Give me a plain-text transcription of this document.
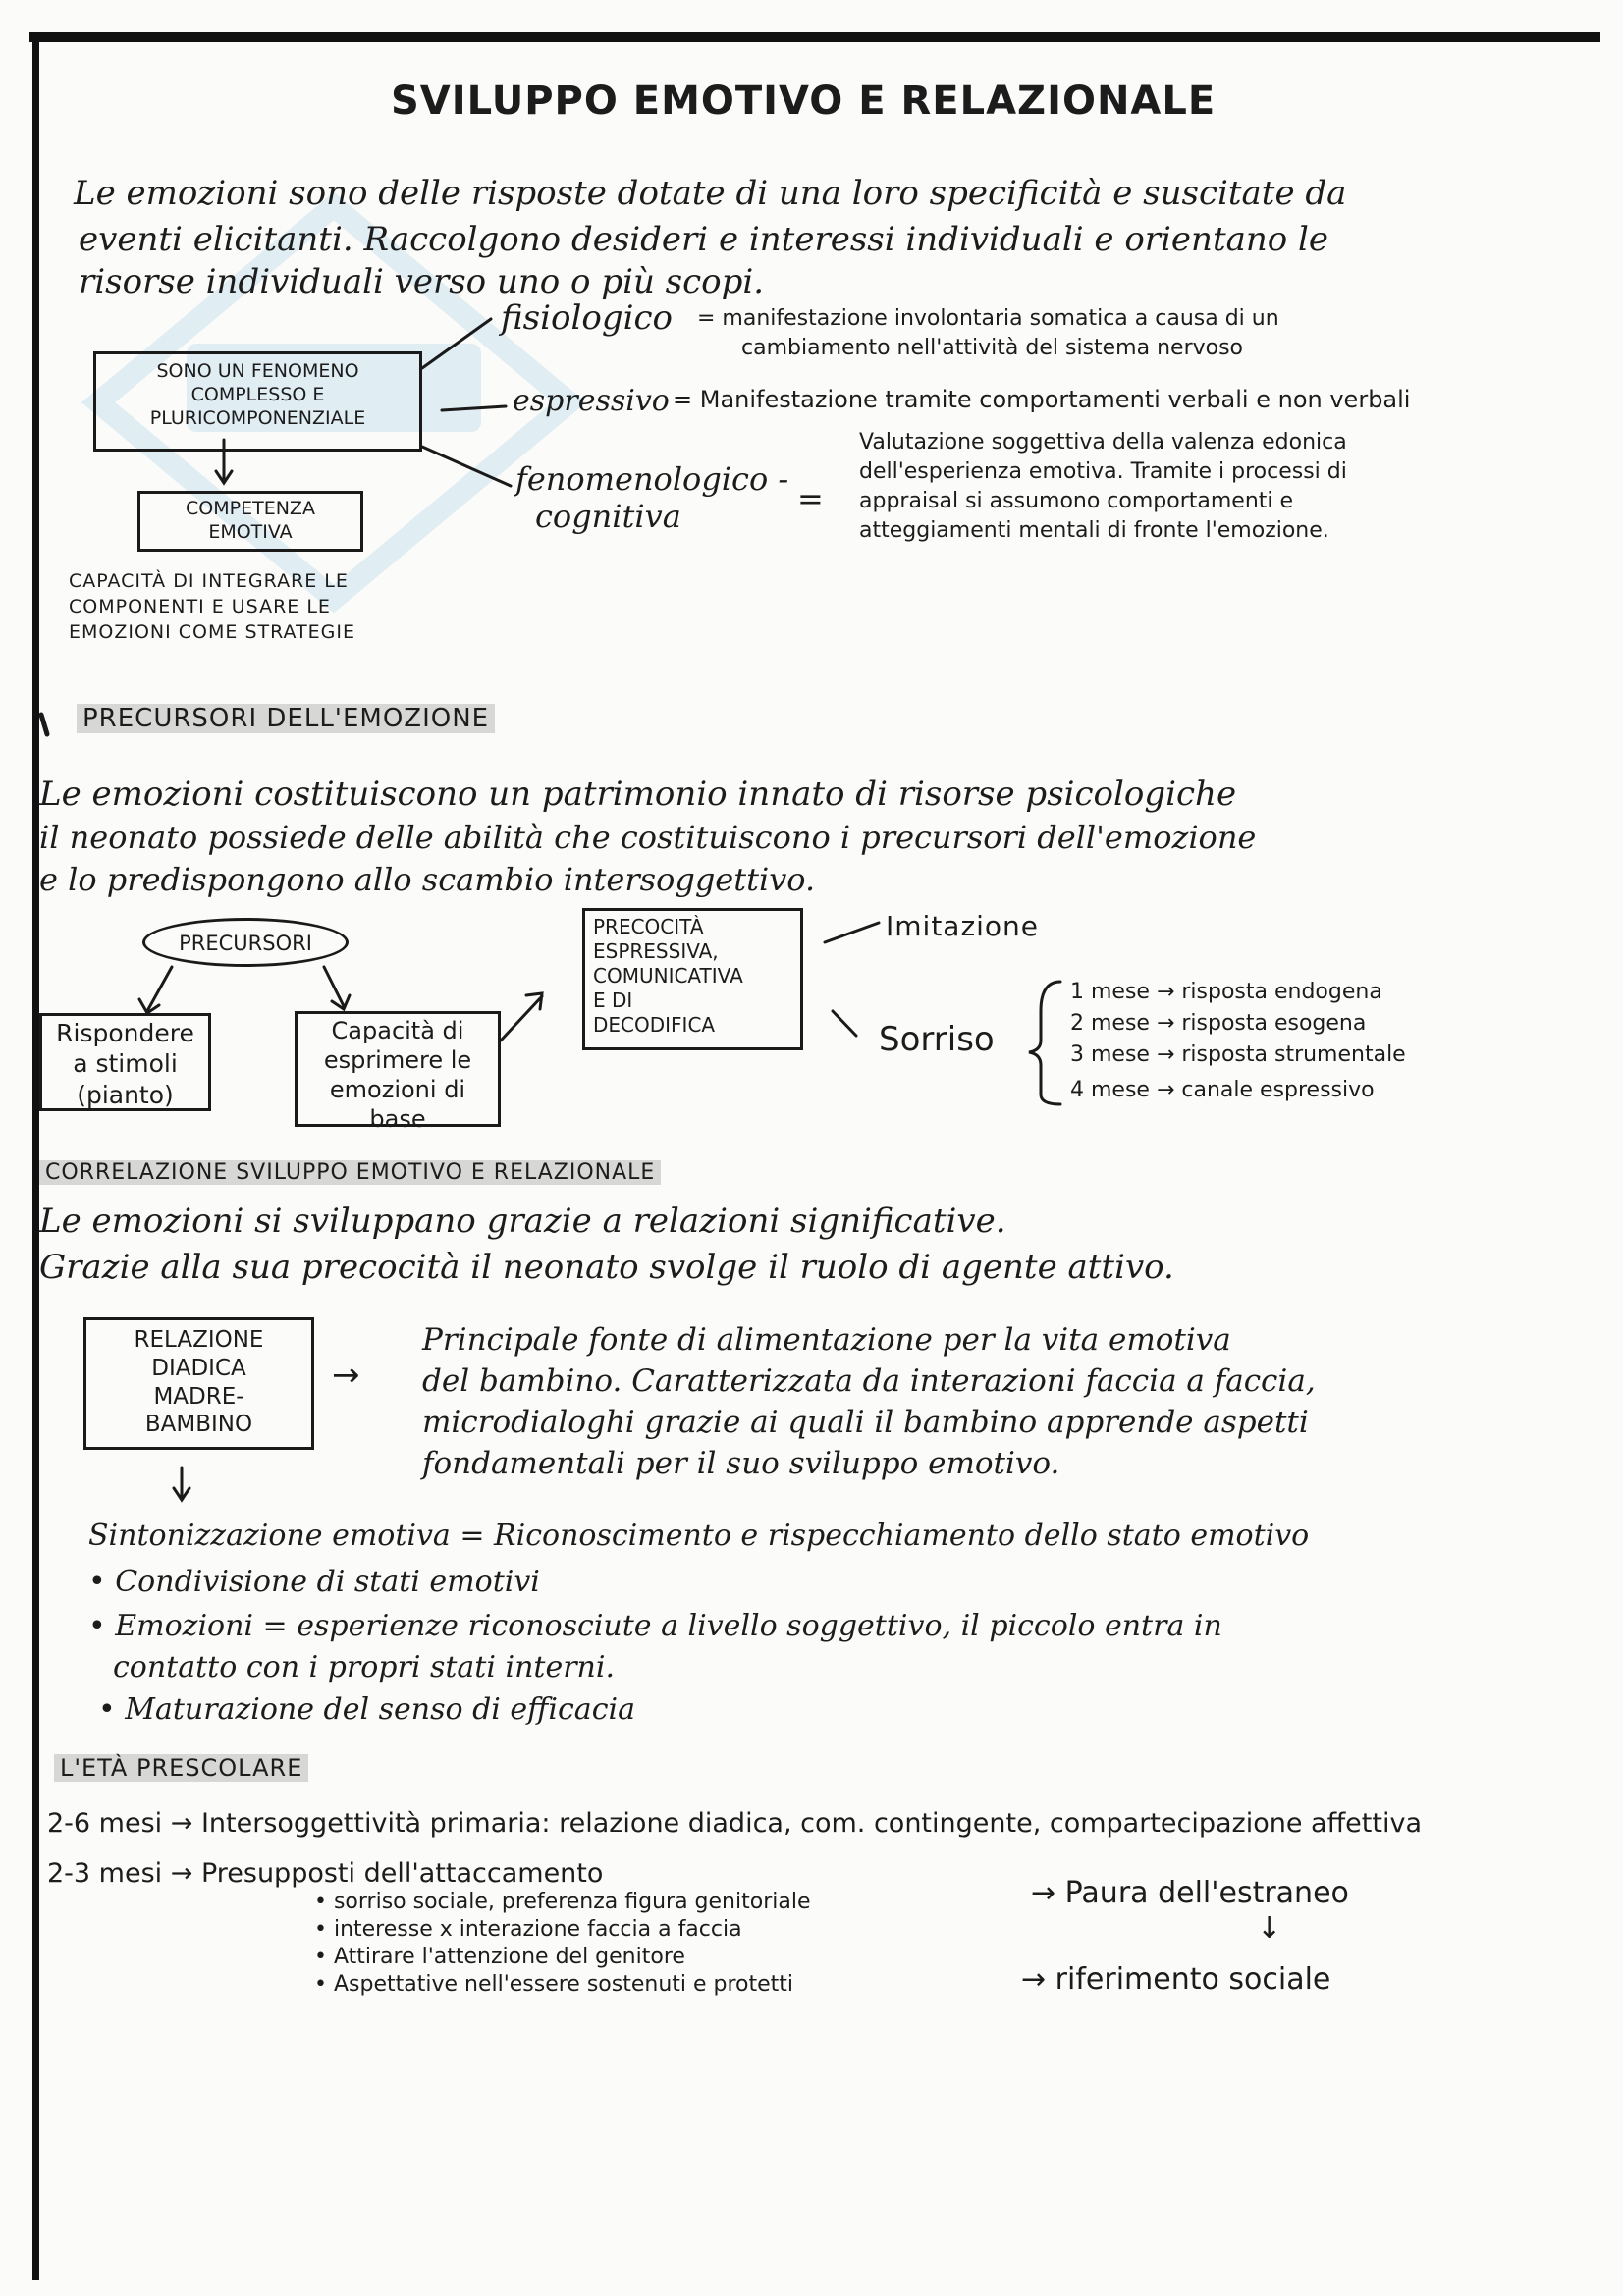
SVILUPPO EMOTIVO E RELAZIONALE
Le emozioni sono delle risposte dotate di una loro specificità e suscitate da
eventi elicitanti. Raccolgono desideri e interessi individuali e orientano le
risorse individuali verso uno o più scopi.
SONO UN FENOMENO
COMPLESSO E
PLURICOMPONENZIALE
COMPETENZA
EMOTIVA
CAPACITÀ DI INTEGRARE LE
COMPONENTI E USARE LE
EMOZIONI COME STRATEGIE
fisiologico = manifestazione involontaria somatica a causa di un
cambiamento nell'attività del sistema nervoso
espressivo = Manifestazione tramite comportamenti verbali e non verbali
fenomenologico -
cognitiva	=
Valutazione soggettiva della valenza edonica
dell'esperienza emotiva. Tramite i processi di
appraisal si assumono comportamenti e
atteggiamenti mentali di fronte l'emozione.
PRECURSORI DELL'EMOZIONE
Le emozioni costituiscono un patrimonio innato di risorse psicologiche
il neonato possiede delle abilità che costituiscono i precursori dell'emozione
e lo predispongono allo scambio intersoggettivo.
PRECURSORI
Rispondere
a stimoli
(pianto)
Capacità di
esprimere le
emozioni di
base
PRECOCITÀ
ESPRESSIVA,
COMUNICATIVA
E DI
DECODIFICA
Imitazione
Sorriso
1 mese → risposta endogena
2 mese → risposta esogena
3 mese → risposta strumentale
4 mese → canale espressivo
CORRELAZIONE SVILUPPO EMOTIVO E RELAZIONALE
Le emozioni si sviluppano grazie a relazioni significative.
Grazie alla sua precocità il neonato svolge il ruolo di agente attivo.
RELAZIONE
DIADICA
MADRE-
BAMBINO
→
Principale fonte di alimentazione per la vita emotiva
del bambino. Caratterizzata da interazioni faccia a faccia,
microdialoghi grazie ai quali il bambino apprende aspetti
fondamentali per il suo sviluppo emotivo.
Sintonizzazione emotiva = Riconoscimento e rispecchiamento dello stato emotivo
• Condivisione di stati emotivi
• Emozioni = esperienze riconosciute a livello soggettivo, il piccolo entra in
contatto con i propri stati interni.
• Maturazione del senso di efficacia
L'ETÀ PRESCOLARE
2-6 mesi → Intersoggettività primaria: relazione diadica, com. contingente, compartecipazione affettiva
2-3 mesi → Presupposti dell'attaccamento
• sorriso sociale, preferenza figura genitoriale
• interesse x interazione faccia a faccia
• Attirare l'attenzione del genitore
• Aspettative nell'essere sostenuti e protetti
→ Paura dell'estraneo
↓
→ riferimento sociale
